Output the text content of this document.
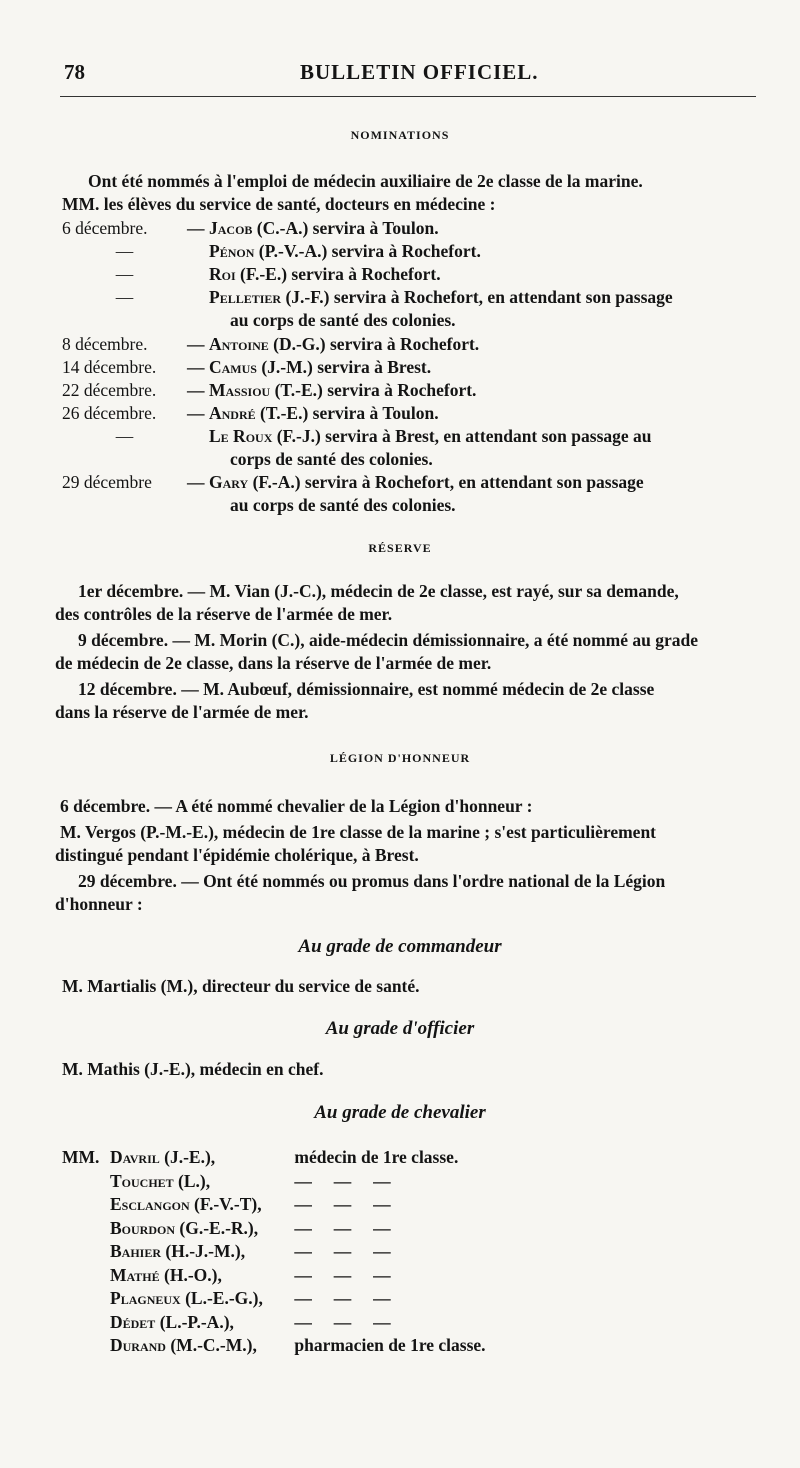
78	BULLETIN OFFICIEL.
NOMINATIONS
Ont été nommés à l'emploi de médecin auxiliaire de 2e classe de la marine.
MM. les élèves du service de santé, docteurs en médecine :
6 décembre. —Jacob (C.-A.) servira à Toulon.
—	Pénon (P.-V.-A.) servira à Rochefort.
—	Roi (F.-E.) servira à Rochefort.
—	Pelletier (J.-F.) servira à Rochefort, en attendant son passage
au corps de santé des colonies.
8 décembre. —Antoine (D.-G.) servira à Rochefort.
14 décembre. —Camus (J.-M.) servira à Brest.
22 décembre. —Massiou (T.-E.) servira à Rochefort.
26 décembre. —André (T.-E.) servira à Toulon.
—	Le Roux (F.-J.) servira à Brest, en attendant son passage au
corps de santé des colonies.
29 décembre —Gary (F.-A.) servira à Rochefort, en attendant son passage
au corps de santé des colonies.
RÉSERVE
1er décembre. — M. Vian (J.-C.), médecin de 2e classe, est rayé, sur sa demande,
des contrôles de la réserve de l'armée de mer.
9 décembre. — M. Morin (C.), aide-médecin démissionnaire, a été nommé au grade
de médecin de 2e classe, dans la réserve de l'armée de mer.
12 décembre. — M. Aubœuf, démissionnaire, est nommé médecin de 2e classe
dans la réserve de l'armée de mer.
LÉGION D'HONNEUR
6 décembre. — A été nommé chevalier de la Légion d'honneur :
M. Vergos (P.-M.-E.), médecin de 1re classe de la marine ; s'est particulièrement
distingué pendant l'épidémie cholérique, à Brest.
29 décembre. — Ont été nommés ou promus dans l'ordre national de la Légion
d'honneur :
Au grade de commandeur
M. Martialis (M.), directeur du service de santé.
Au grade d'officier
M. Mathis (J.-E.), médecin en chef.
Au grade de chevalier
MM. Davril (J.-E.),	médecin de 1re classe.
Touchet (L.),	—     —     —
Esclangon (F.-V.-T), —     —     —
Bourdon (G.-E.-R.), —     —     —
Bahier (H.-J.-M.),	—     —     —
Mathé (H.-O.),	—     —     —
Plagneux (L.-E.-G.), —     —     —
Dédet (L.-P.-A.),	—     —     —
Durand (M.-C.-M.), pharmacien de 1re classe.
